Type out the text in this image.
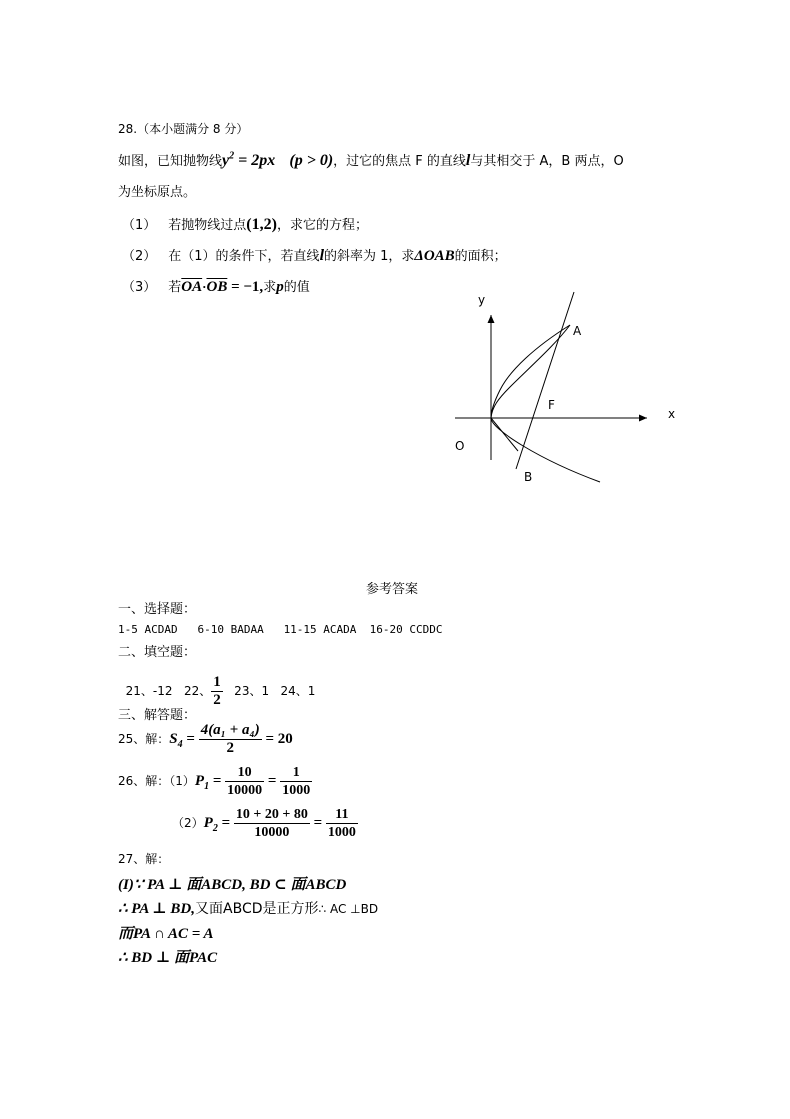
28.（本小题满分 8 分）
如图，已知抛物线$y^2 = 2px$ (p > 0)，过它的焦点 F 的直线l与其相交于 A，B 两点，O
为坐标原点。
（1） 若抛物线过点(1,2)，求它的方程；
（2） 在（1）的条件下，若直线l的斜率为 1，求ΔOAB的面积；
（3） 若$\overline{OA}\cdot\overline{OB} = -1$,求p的值
x
y
O
A
B
F
参考答案
一、选择题：
1-5 ACDAD   6-10 BADAA   11-15 ACADA  16-20 CCDDC
二、填空题：

21、-12   22、 $\frac{1}{2} 23$、1   24、1

三、解答题：
25、解：$S_4 = \frac{\text{4(a₁ + a₄)}}{2} = 20$
26、解：$(1)P_1 = \frac{10}{10000} = \frac{1}{1000}$
$(2)P_2 = \frac{10 + 20 + 80}{10000} = \frac{11}{1000}$
27、解：
(I)∵ PA ⊥ 面ABCD, BD ⊂ 面ABCD
∴ PA ⊥ BD,又面ABCD是正方形∴ AC ⊥BD
而PA ∩ AC = A
∴ BD ⊥ 面PAC
